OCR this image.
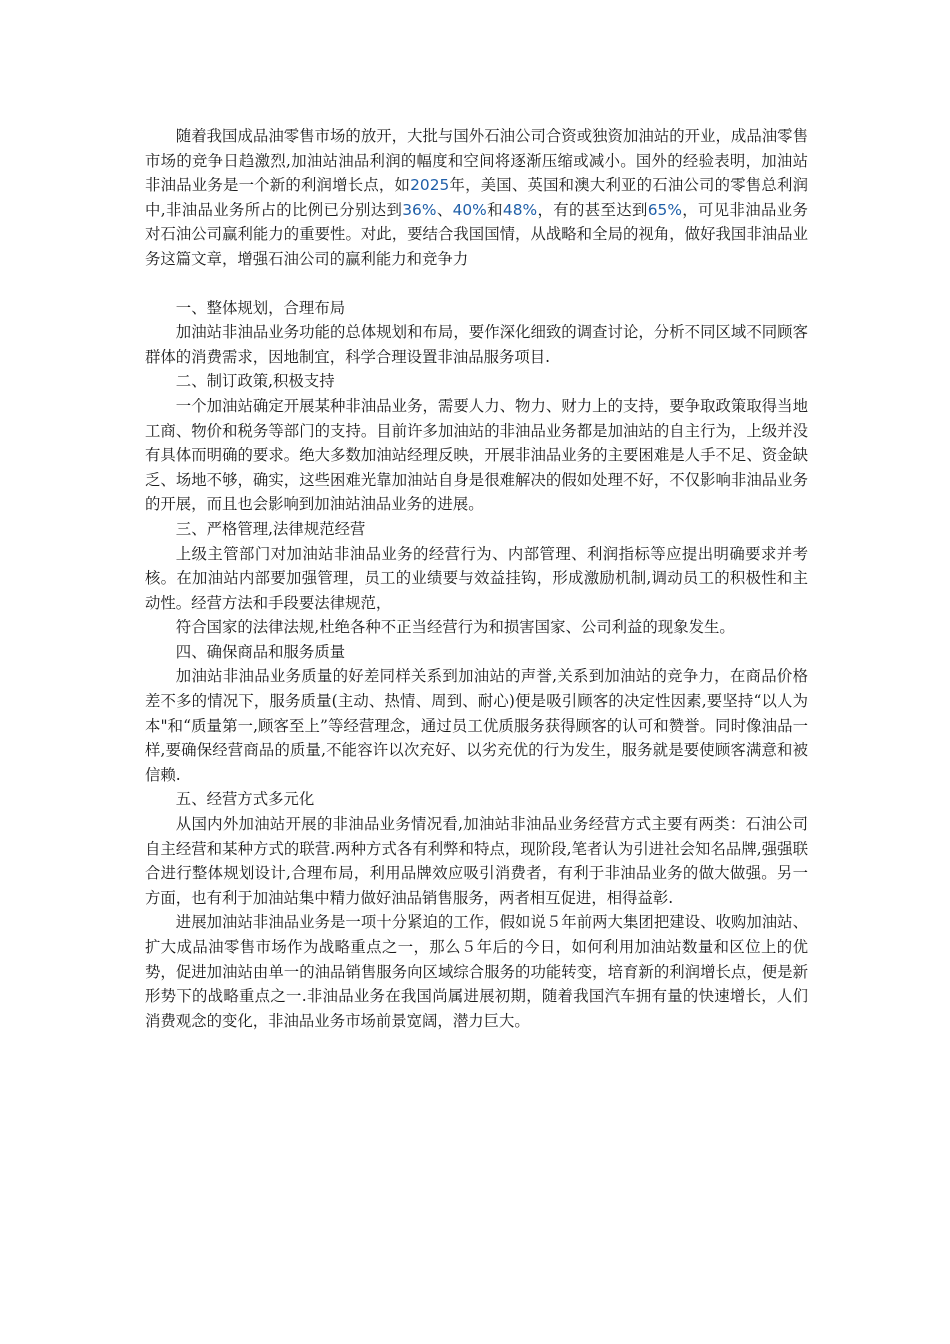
随着我国成品油零售市场的放开，大批与国外石油公司合资或独资加油站的开业，成品油零售市场的竞争日趋激烈,加油站油品利润的幅度和空间将逐渐压缩或减小。国外的经验表明，加油站非油品业务是一个新的利润增长点，如2025年，美国、英国和澳大利亚的石油公司的零售总利润中,非油品业务所占的比例已分别达到36%、40%和48%，有的甚至达到65%，可见非油品业务对石油公司赢利能力的重要性。对此，要结合我国国情，从战略和全局的视角，做好我国非油品业务这篇文章，增强石油公司的赢利能力和竞争力

一、整体规划，合理布局

加油站非油品业务功能的总体规划和布局，要作深化细致的调查讨论，分析不同区域不同顾客群体的消费需求，因地制宜，科学合理设置非油品服务项目.

二、制订政策,积极支持

一个加油站确定开展某种非油品业务，需要人力、物力、财力上的支持，要争取政策取得当地工商、物价和税务等部门的支持。目前许多加油站的非油品业务都是加油站的自主行为，上级并没有具体而明确的要求。绝大多数加油站经理反映，开展非油品业务的主要困难是人手不足、资金缺乏、场地不够，确实，这些困难光靠加油站自身是很难解决的假如处理不好，不仅影响非油品业务的开展，而且也会影响到加油站油品业务的进展。

三、严格管理,法律规范经营

上级主管部门对加油站非油品业务的经营行为、内部管理、利润指标等应提出明确要求并考核。在加油站内部要加强管理，员工的业绩要与效益挂钩，形成激励机制,调动员工的积极性和主动性。经营方法和手段要法律规范，

符合国家的法律法规,杜绝各种不正当经营行为和损害国家、公司利益的现象发生。

四、确保商品和服务质量

加油站非油品业务质量的好差同样关系到加油站的声誉,关系到加油站的竞争力，在商品价格差不多的情况下，服务质量(主动、热情、周到、耐心)便是吸引顾客的决定性因素,要坚持“以人为本"和“质量第一,顾客至上”等经营理念，通过员工优质服务获得顾客的认可和赞誉。同时像油品一样,要确保经营商品的质量,不能容许以次充好、以劣充优的行为发生，服务就是要使顾客满意和被信赖.

五、经营方式多元化

从国内外加油站开展的非油品业务情况看,加油站非油品业务经营方式主要有两类：石油公司自主经营和某种方式的联营.两种方式各有利弊和特点，现阶段,笔者认为引进社会知名品牌,强强联合进行整体规划设计,合理布局，利用品牌效应吸引消费者，有利于非油品业务的做大做强。另一方面，也有利于加油站集中精力做好油品销售服务，两者相互促进，相得益彰.

进展加油站非油品业务是一项十分紧迫的工作，假如说５年前两大集团把建设、收购加油站、扩大成品油零售市场作为战略重点之一，那么５年后的今日，如何利用加油站数量和区位上的优势，促进加油站由单一的油品销售服务向区域综合服务的功能转变，培育新的利润增长点，便是新形势下的战略重点之一.非油品业务在我国尚属进展初期，随着我国汽车拥有量的快速增长，人们消费观念的变化，非油品业务市场前景宽阔，潜力巨大。
